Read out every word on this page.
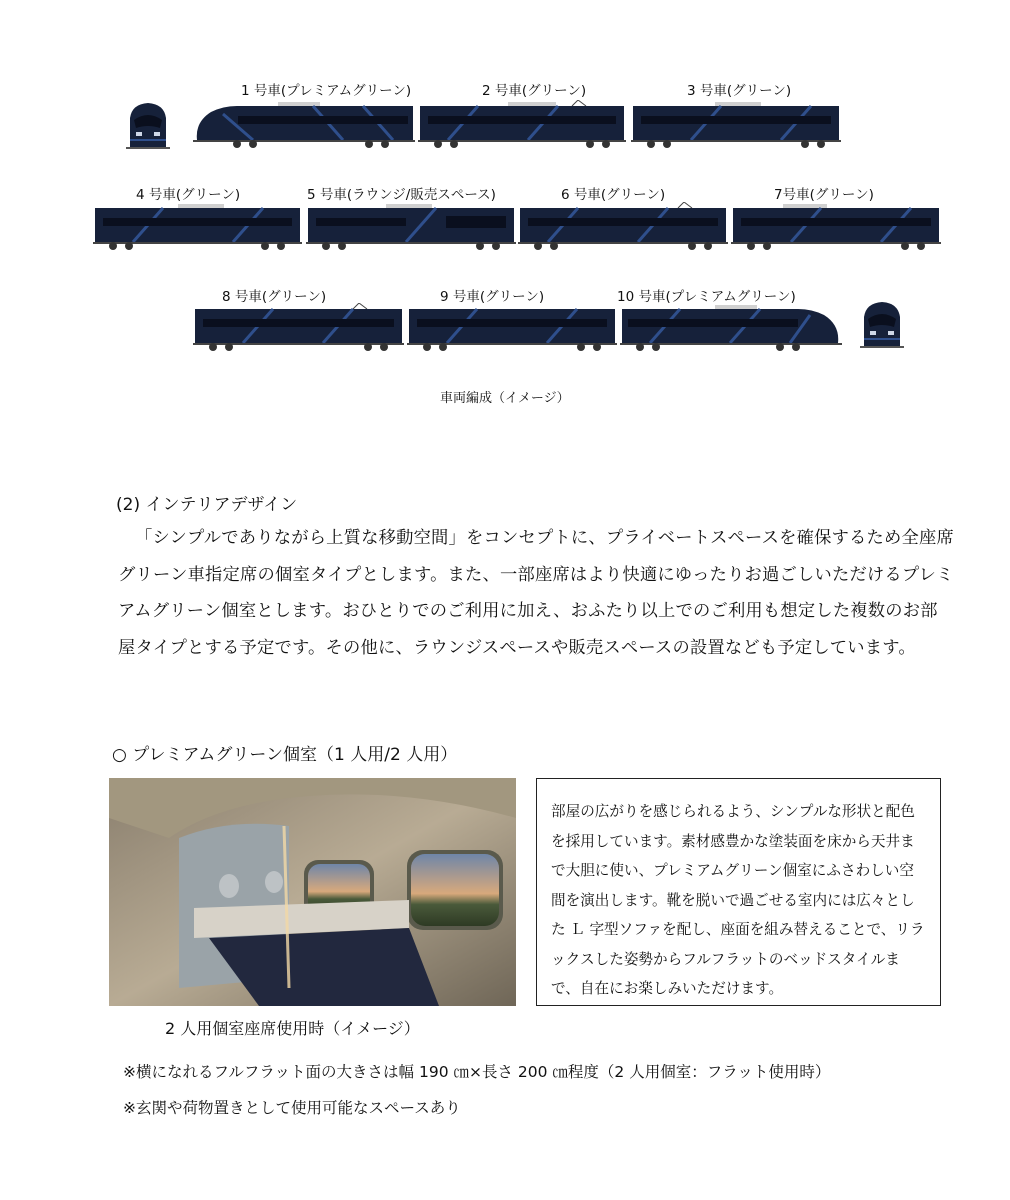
1 号車(プレミアムグリーン)	2 号車(グリーン)	3 号車(グリーン)
4 号車(グリーン)	5 号車(ラウンジ/販売スペース)	6 号車(グリーン)	7号車(グリーン)
8 号車(グリーン)	9 号車(グリーン)	10 号車(プレミアムグリーン)
車両編成（イメージ）
(2) インテリアデザイン
「シンプルでありながら上質な移動空間」をコンセプトに、プライベートスペースを確保するため全座席グリーン車指定席の個室タイプとします。また、一部座席はより快適にゆったりお過ごしいただけるプレミアムグリーン個室とします。おひとりでのご利用に加え、おふたり以上でのご利用も想定した複数のお部屋タイプとする予定です。その他に、ラウンジスペースや販売スペースの設置なども予定しています。
○ プレミアムグリーン個室（1 人用/2 人用）
部屋の広がりを感じられるよう、シンプルな形状と配色を採用しています。素材感豊かな塗装面を床から天井まで大胆に使い、プレミアムグリーン個室にふさわしい空間を演出します。靴を脱いで過ごせる室内には広々とした Ｌ 字型ソファを配し、座面を組み替えることで、リラックスした姿勢からフルフラットのベッドスタイルまで、自在にお楽しみいただけます。
2 人用個室座席使用時（イメージ）
※横になれるフルフラット面の大きさは幅 190 ㎝×長さ 200 ㎝程度（2 人用個室：フラット使用時）
※玄関や荷物置きとして使用可能なスペースあり
